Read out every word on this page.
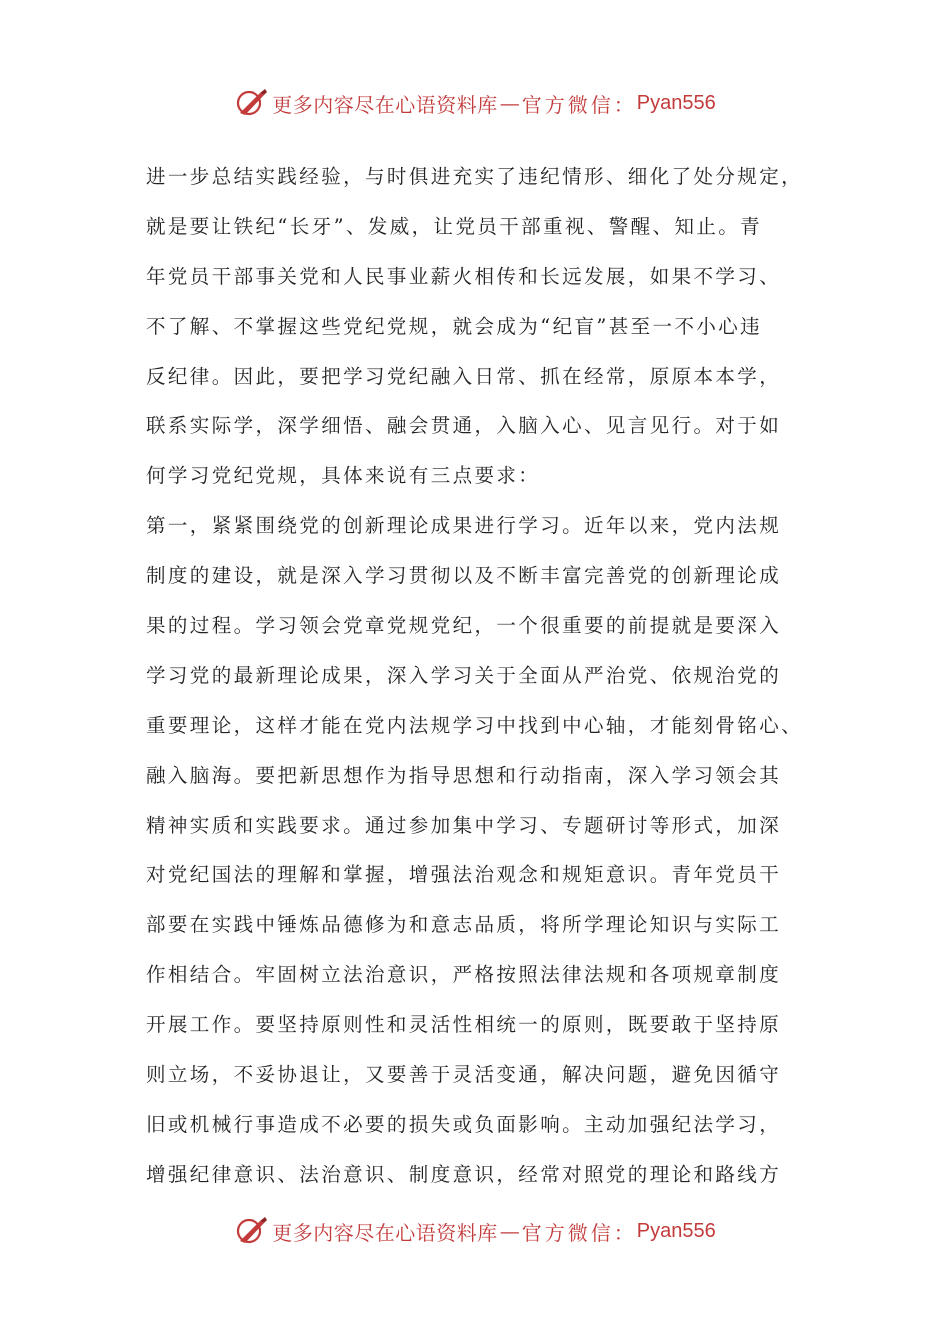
更多内容尽在心语资料库 — 官方微信： Pyan556
进一步总结实践经验，与时俱进充实了违纪情形、细化了处分规定，
就是要让铁纪“长牙”、发威，让党员干部重视、警醒、知止。青
年党员干部事关党和人民事业薪火相传和长远发展，如果不学习、
不了解、不掌握这些党纪党规，就会成为“纪盲”甚至一不小心违
反纪律。因此，要把学习党纪融入日常、抓在经常，原原本本学，
联系实际学，深学细悟、融会贯通，入脑入心、见言见行。对于如
何学习党纪党规，具体来说有三点要求：
第一，紧紧围绕党的创新理论成果进行学习。近年以来，党内法规
制度的建设，就是深入学习贯彻以及不断丰富完善党的创新理论成
果的过程。学习领会党章党规党纪，一个很重要的前提就是要深入
学习党的最新理论成果，深入学习关于全面从严治党、依规治党的
重要理论，这样才能在党内法规学习中找到中心轴，才能刻骨铭心、
融入脑海。要把新思想作为指导思想和行动指南，深入学习领会其
精神实质和实践要求。通过参加集中学习、专题研讨等形式，加深
对党纪国法的理解和掌握，增强法治观念和规矩意识。青年党员干
部要在实践中锤炼品德修为和意志品质，将所学理论知识与实际工
作相结合。牢固树立法治意识，严格按照法律法规和各项规章制度
开展工作。要坚持原则性和灵活性相统一的原则，既要敢于坚持原
则立场，不妥协退让，又要善于灵活变通，解决问题，避免因循守
旧或机械行事造成不必要的损失或负面影响。主动加强纪法学习，
增强纪律意识、法治意识、制度意识，经常对照党的理论和路线方
更多内容尽在心语资料库 — 官方微信： Pyan556
